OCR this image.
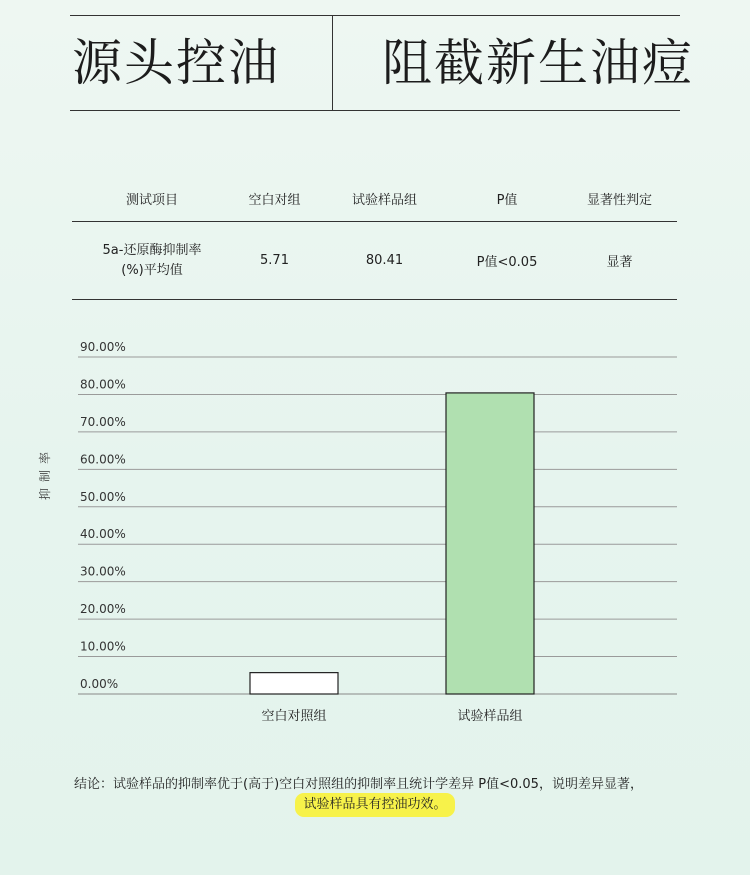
源头控油 阻截新生油痘
测试项目	空白对组	试验样品组	P值	显著性判定
5a-还原酶抑制率
(%)平均值
5.71	80.41	P值<0.05	显著
0.00%
10.00%
20.00%
30.00%
40.00%
50.00%
60.00%
70.00%
80.00%
90.00%
空白对照组	试验样品组
抑制率
结论：试验样品的抑制率优于(高于)空白对照组的抑制率且统计学差异 P值<0.05，说明差异显著，
试验样品具有控油功效。
